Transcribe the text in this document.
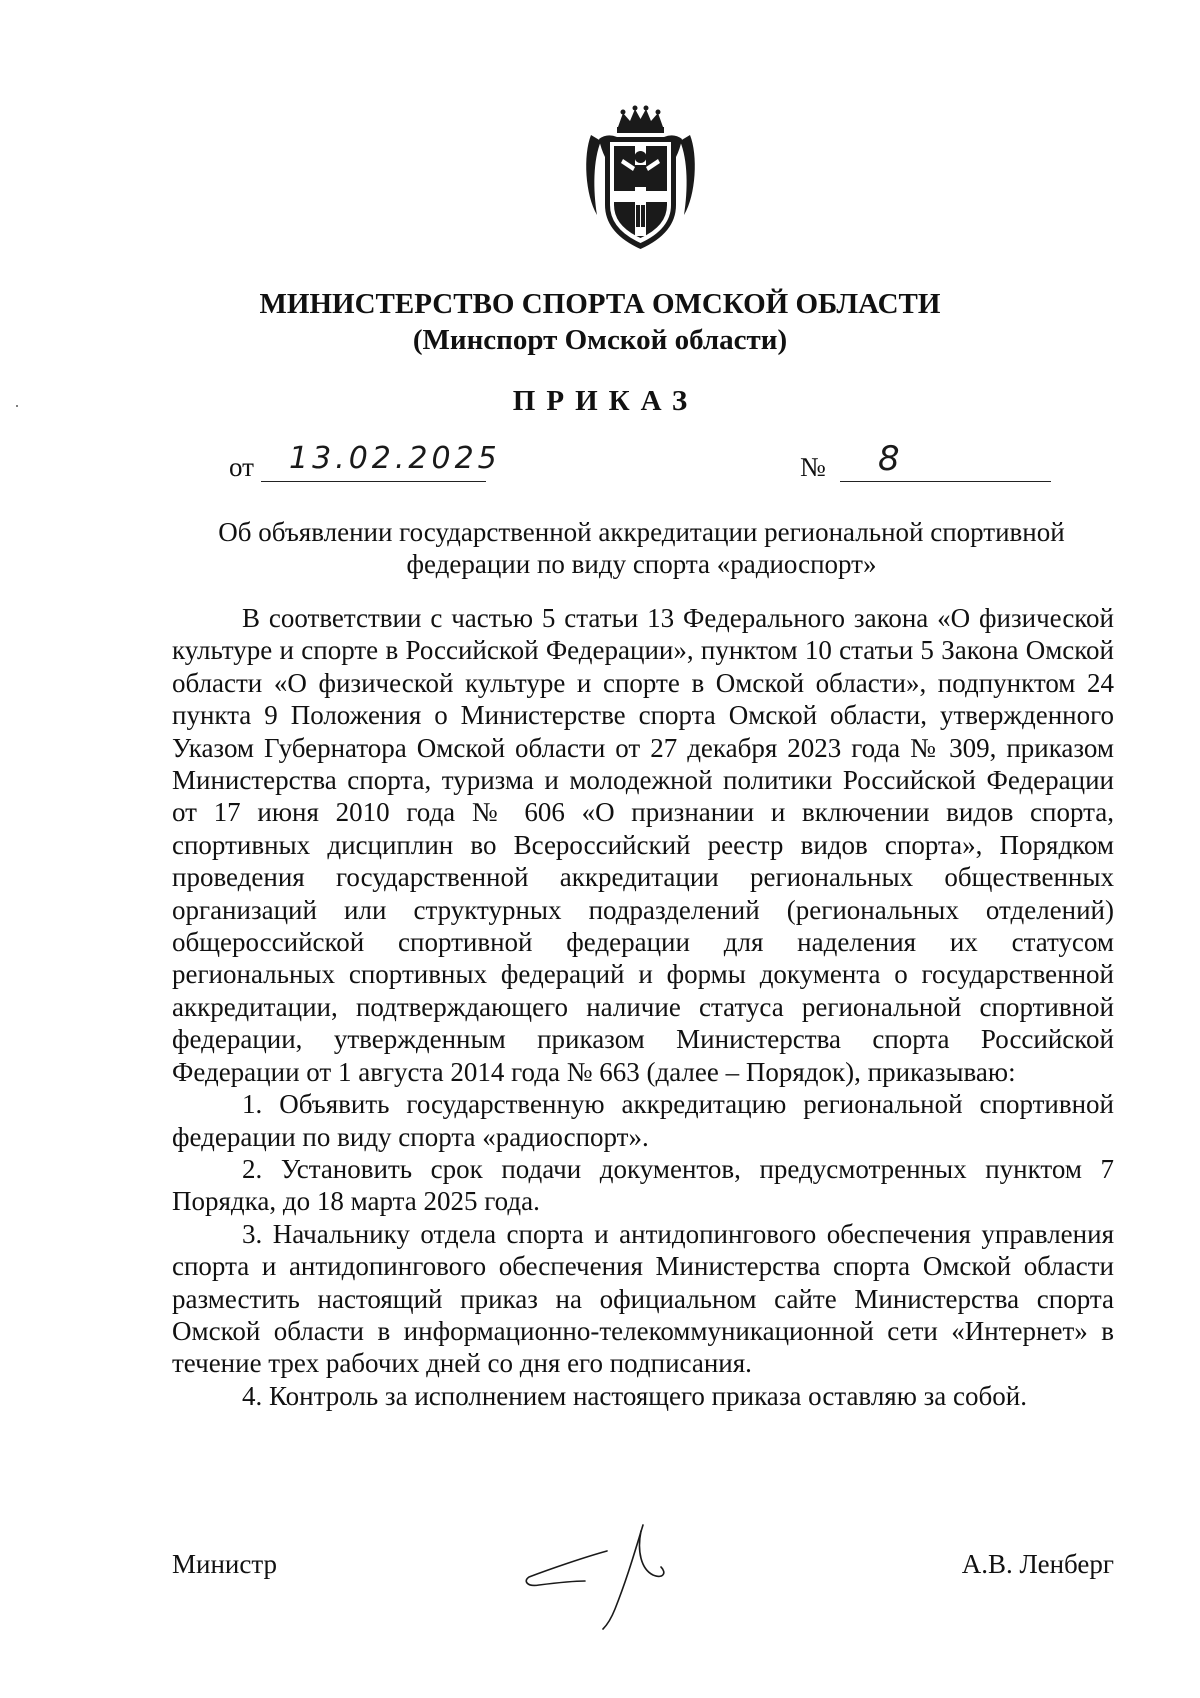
МИНИСТЕРСТВО СПОРТА ОМСКОЙ ОБЛАСТИ
(Минспорт Омской области)
ПРИКАЗ
от 13.02.2025	№ 8
Об объявлении государственной аккредитации региональной спортивной
федерации по виду спорта «радиоспорт»

В соответствии с частью 5 статьи 13 Федерального закона «О физической культуре и спорте в Российской Федерации», пунктом 10 статьи 5 Закона Омской области «О физической культуре и спорте в Омской области», подпунктом 24 пункта 9 Положения о Министерстве спорта Омской области, утвержденного Указом Губернатора Омской области от 27 декабря 2023 года № 309, приказом Министерства спорта, туризма и молодежной политики Российской Федерации от 17 июня 2010 года № 606 «О признании и включении видов спорта, спортивных дисциплин во Всероссийский реестр видов спорта», Порядком проведения государственной аккредитации региональных общественных организаций или структурных подразделений (региональных отделений) общероссийской спортивной федерации для наделения их статусом региональных спортивных федераций и формы документа о государственной аккредитации, подтверждающего наличие статуса региональной спортивной федерации, утвержденным приказом Министерства спорта Российской Федерации от 1 августа 2014 года № 663 (далее – Порядок), приказываю:

1. Объявить государственную аккредитацию региональной спортивной федерации по виду спорта «радиоспорт».

2. Установить срок подачи документов, предусмотренных пунктом 7 Порядка, до 18 марта 2025 года.

3. Начальнику отдела спорта и антидопингового обеспечения управления спорта и антидопингового обеспечения Министерства спорта Омской области разместить настоящий приказ на официальном сайте Министерства спорта Омской области в информационно-телекоммуникационной сети «Интернет» в течение трех рабочих дней со дня его подписания.

4. Контроль за исполнением настоящего приказа оставляю за собой.

Министр	А.В. Ленберг
